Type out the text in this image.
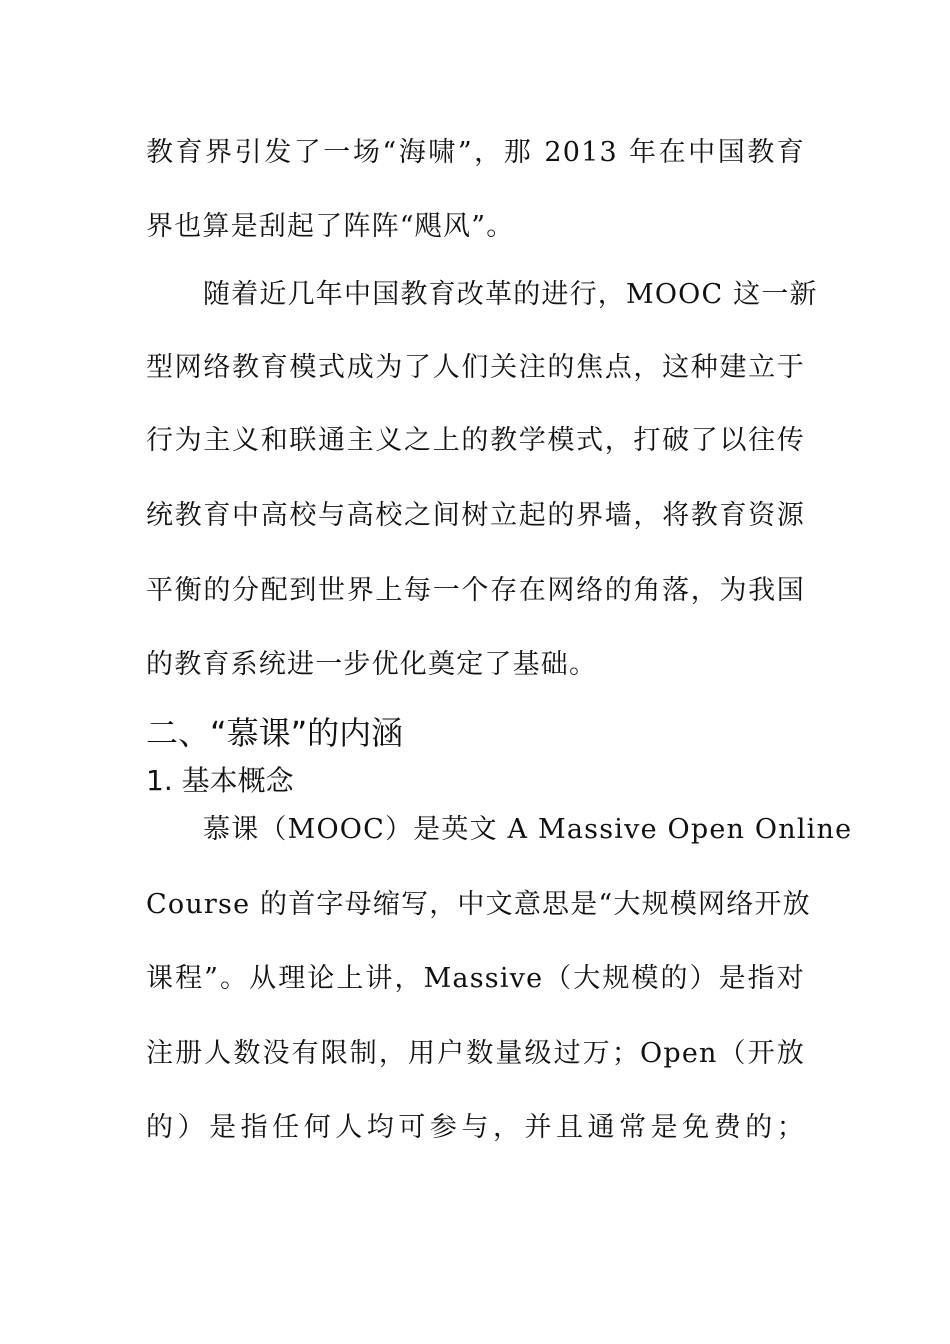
教育界引发了一场“海啸”，那 2013 年在中国教育
界也算是刮起了阵阵“飓风”。
随着近几年中国教育改革的进行，MOOC 这一新
型网络教育模式成为了人们关注的焦点，这种建立于
行为主义和联通主义之上的教学模式，打破了以往传
统教育中高校与高校之间树立起的界墙，将教育资源
平衡的分配到世界上每一个存在网络的角落，为我国
的教育系统进一步优化奠定了基础。
二、“慕课”的内涵
1. 基本概念
慕课（MOOC）是英文 A Massive Open Online
Course 的首字母缩写，中文意思是“大规模网络开放
课程”。从理论上讲，Massive（大规模的）是指对
注册人数没有限制，用户数量级过万；Open（开放
的）是指任何人均可参与，并且通常是免费的；
